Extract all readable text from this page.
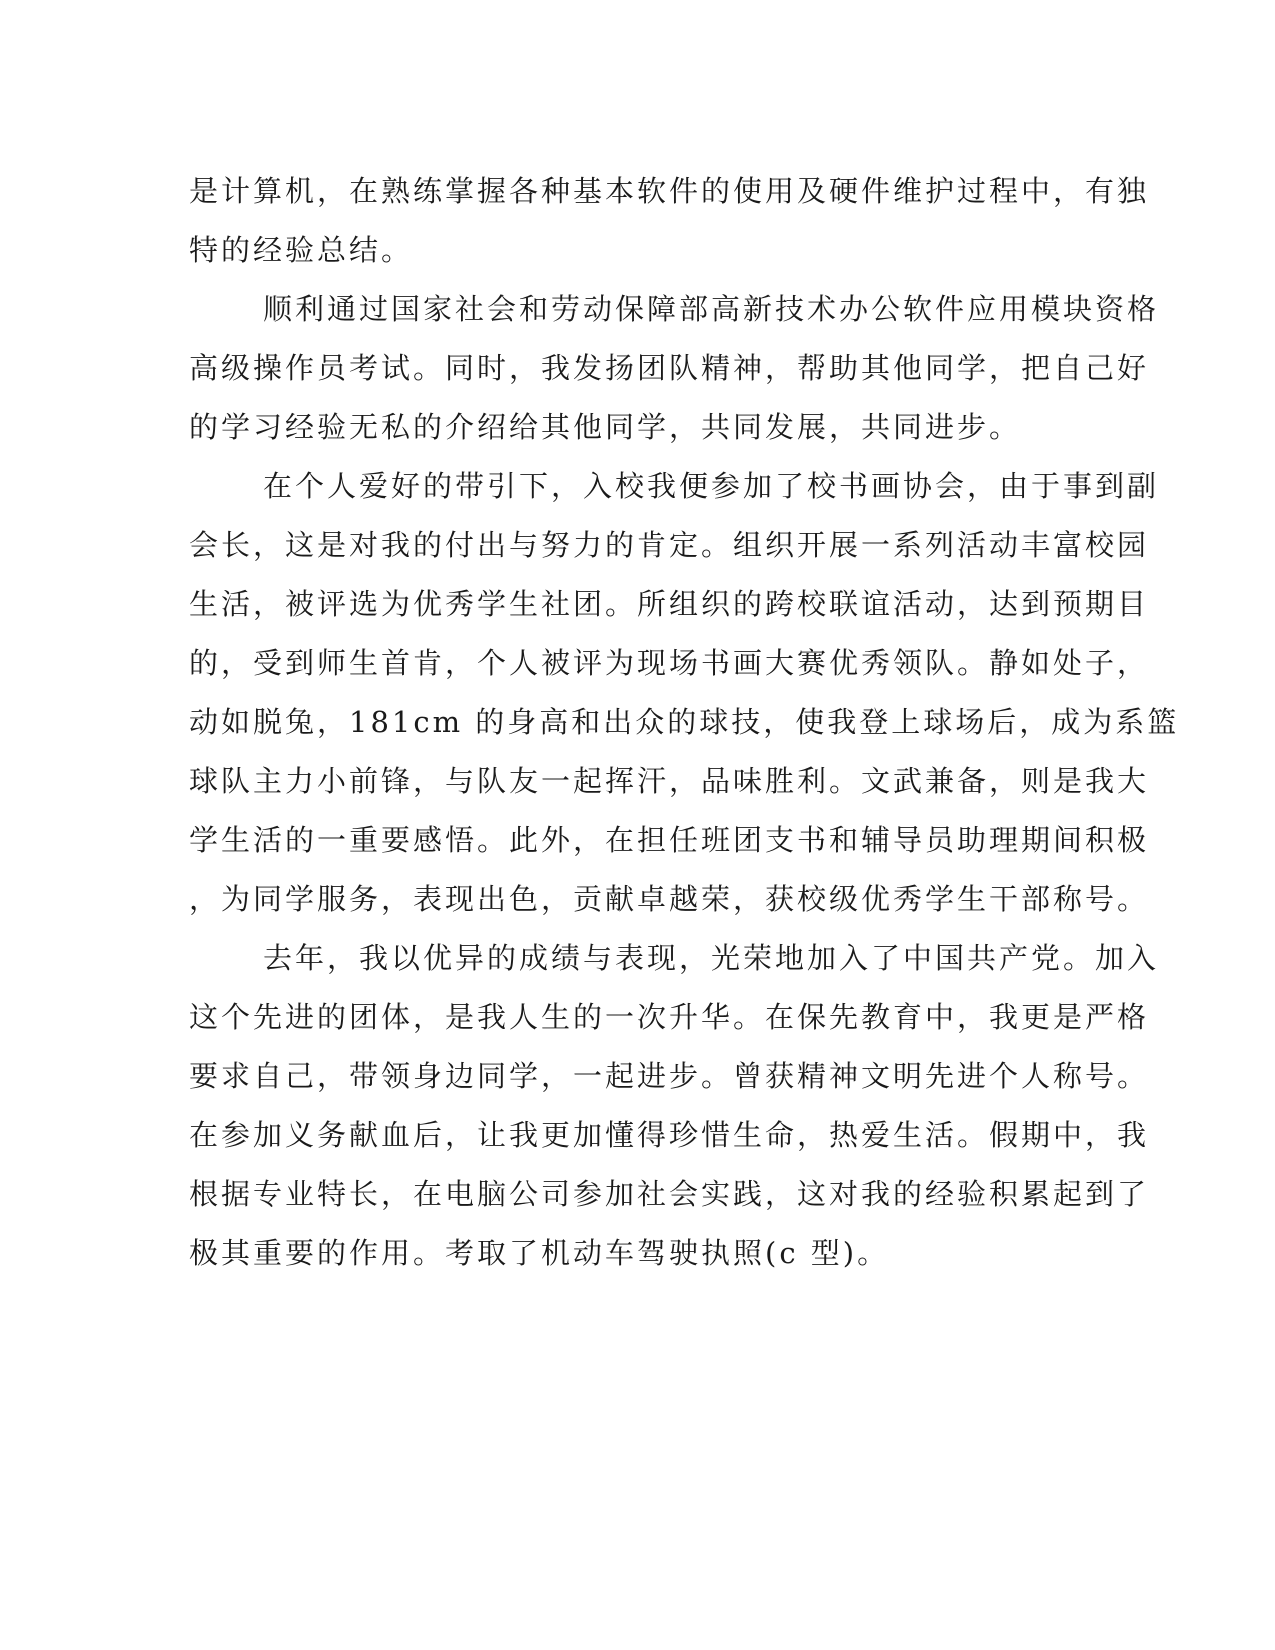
是计算机，在熟练掌握各种基本软件的使用及硬件维护过程中，有独
特的经验总结。
顺利通过国家社会和劳动保障部高新技术办公软件应用模块资格
高级操作员考试。同时，我发扬团队精神，帮助其他同学，把自己好
的学习经验无私的介绍给其他同学，共同发展，共同进步。
在个人爱好的带引下，入校我便参加了校书画协会，由于事到副
会长，这是对我的付出与努力的肯定。组织开展一系列活动丰富校园
生活，被评选为优秀学生社团。所组织的跨校联谊活动，达到预期目
的，受到师生首肯，个人被评为现场书画大赛优秀领队。静如处子，
动如脱兔，181cm 的身高和出众的球技，使我登上球场后，成为系篮
球队主力小前锋，与队友一起挥汗，品味胜利。文武兼备，则是我大
学生活的一重要感悟。此外，在担任班团支书和辅导员助理期间积极
，为同学服务，表现出色，贡献卓越荣，获校级优秀学生干部称号。
去年，我以优异的成绩与表现，光荣地加入了中国共产党。加入
这个先进的团体，是我人生的一次升华。在保先教育中，我更是严格
要求自己，带领身边同学，一起进步。曾获精神文明先进个人称号。
在参加义务献血后，让我更加懂得珍惜生命，热爱生活。假期中，我
根据专业特长，在电脑公司参加社会实践，这对我的经验积累起到了
极其重要的作用。考取了机动车驾驶执照(c 型)。
